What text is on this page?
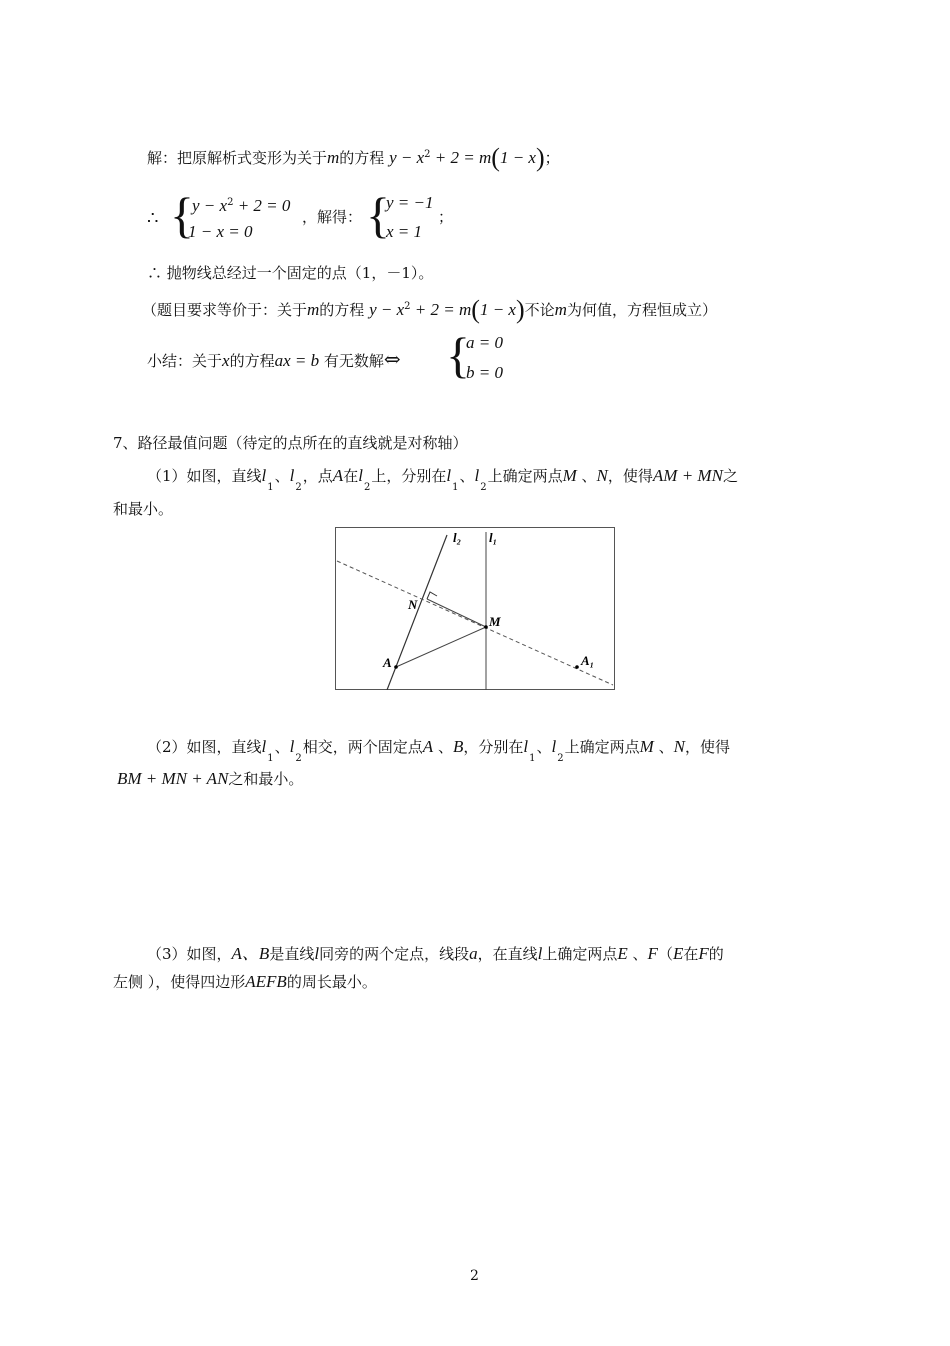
解：把原解析式变形为关于m的方程 $y - x^2 + 2 = m(1 - x)$；
∴ {
$y - x^2 + 2 = 0$
1 − x = 0
，解得： {
y = −1
x = 1
；
∴ 抛物线总经过一个固定的点（1，－1）。
（题目要求等价于：关于m的方程 $y - x^2 + 2 = m(1 - x)$不论m为何值，方程恒成立）
小结：关于x的方程ax = b 有无数解⇔ {
a = 0
b = 0
7、路径最值问题（待定的点所在的直线就是对称轴）
（1）如图，直线$l_1$、$l_2$，点A在$l_2$上，分别在$l_1$、$l_2$上确定两点M 、N，使得AM + MN之
和最小。
l₂ l₁
N
M
A	A₁
（2）如图，直线$l_1$、$l_2$相交，两个固定点A 、B，分别在$l_1$、$l_2$上确定两点M 、N，使得
BM + MN + AN之和最小。
（3）如图，A、B是直线l同旁的两个定点，线段a，在直线l上确定两点E 、F（E在F的
左侧 ），使得四边形AEFB的周长最小。
2
